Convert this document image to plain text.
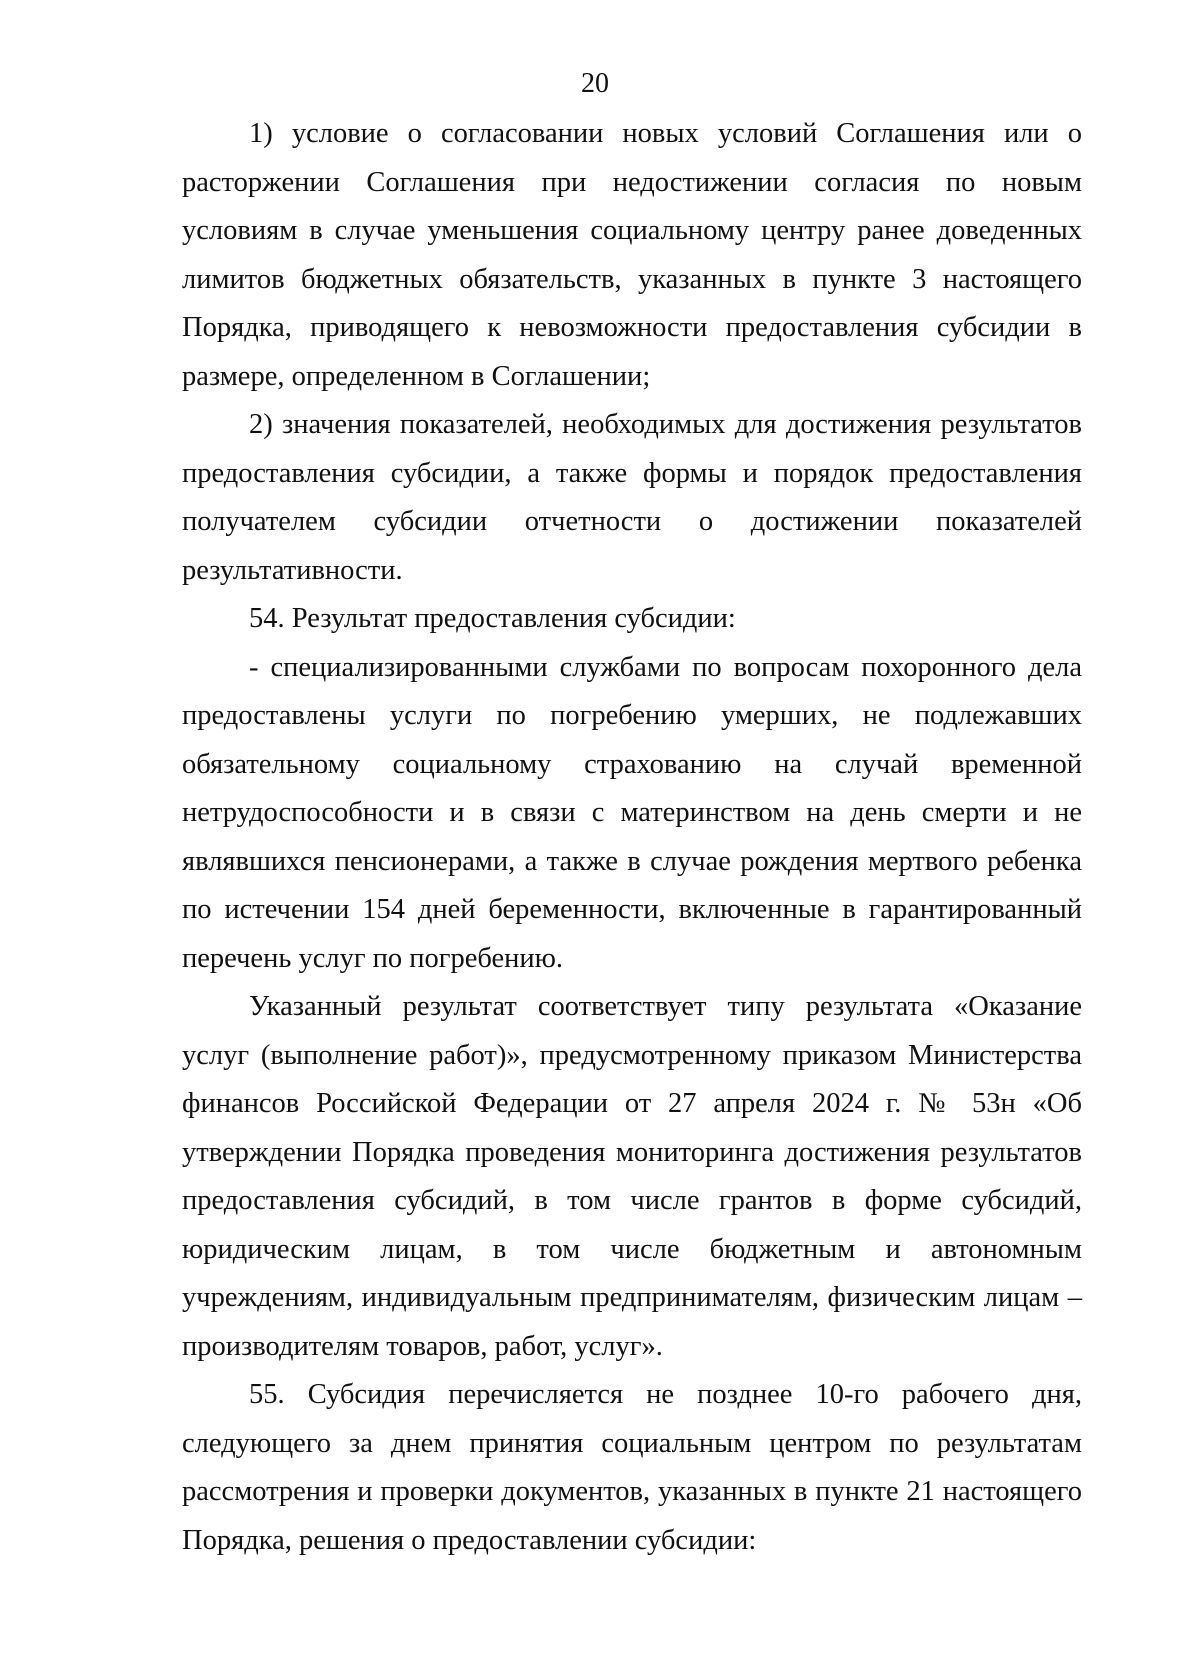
20

1) условие о согласовании новых условий Соглашения или о расторжении Соглашения при недостижении согласия по новым условиям в случае уменьшения социальному центру ранее доведенных лимитов бюджетных обязательств, указанных в пункте 3 настоящего Порядка, приводящего к невозможности предоставления субсидии в размере, определенном в Соглашении;

2) значения показателей, необходимых для достижения результатов предоставления субсидии, а также формы и порядок предоставления получателем субсидии отчетности о достижении показателей результативности.

54. Результат предоставления субсидии:

- специализированными службами по вопросам похоронного дела предоставлены услуги по погребению умерших, не подлежавших обязательному социальному страхованию на случай временной нетрудоспособности и в связи с материнством на день смерти и не являвшихся пенсионерами, а также в случае рождения мертвого ребенка по истечении 154 дней беременности, включенные в гарантированный перечень услуг по погребению.

Указанный результат соответствует типу результата «Оказание услуг (выполнение работ)», предусмотренному приказом Министерства финансов Российской Федерации от 27 апреля 2024 г. № 53н «Об утверждении Порядка проведения мониторинга достижения результатов предоставления субсидий, в том числе грантов в форме субсидий, юридическим лицам, в том числе бюджетным и автономным учреждениям, индивидуальным предпринимателям, физическим лицам – производителям товаров, работ, услуг».

55. Субсидия перечисляется не позднее 10-го рабочего дня, следующего за днем принятия социальным центром по результатам рассмотрения и проверки документов, указанных в пункте 21 настоящего Порядка, решения о предоставлении субсидии:
